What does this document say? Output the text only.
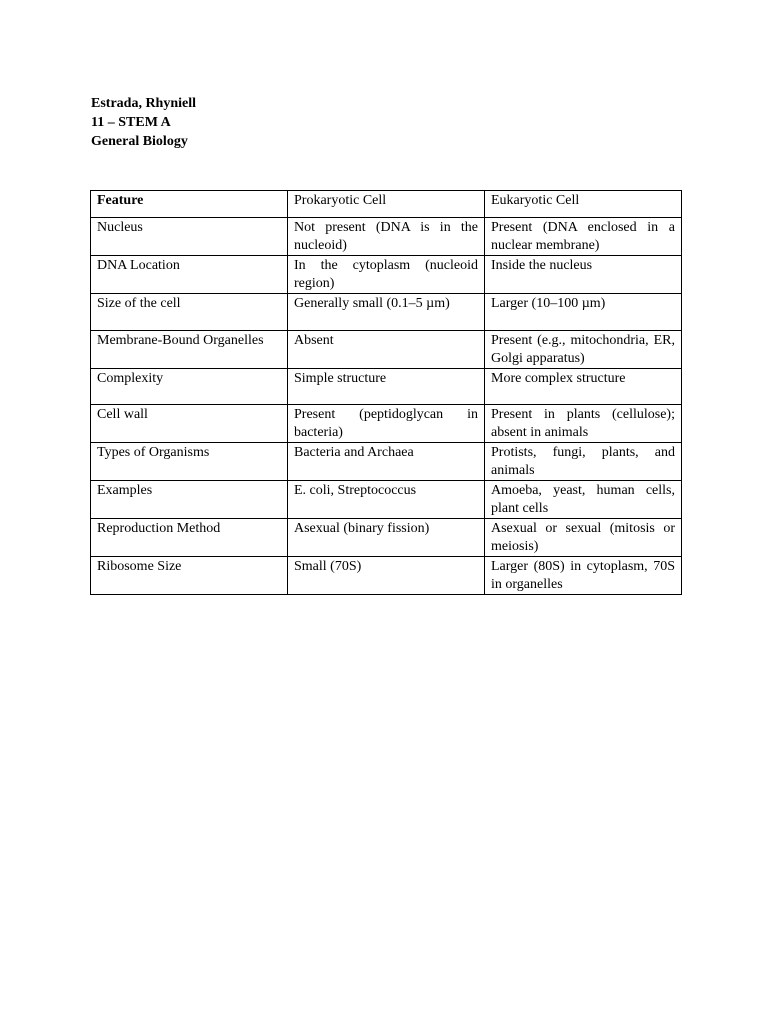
Estrada, Rhyniell
11 – STEM A
General Biology
Feature	Prokaryotic Cell	Eukaryotic Cell
Nucleus	Not present (DNA is in the nucleoid)	Present (DNA enclosed in a nuclear membrane)
DNA Location	In the cytoplasm (nucleoid region)	Inside the nucleus
Size of the cell	Generally small (0.1–5 µm)	Larger (10–100 µm)
Membrane-Bound Organelles	Absent	Present (e.g., mitochondria, ER, Golgi apparatus)
Complexity	Simple structure	More complex structure
Cell wall	Present (peptidoglycan in bacteria)	Present in plants (cellulose); absent in animals
Types of Organisms	Bacteria and Archaea	Protists, fungi, plants, and animals
Examples	E. coli, Streptococcus	Amoeba, yeast, human cells, plant cells
Reproduction Method	Asexual (binary fission)	Asexual or sexual (mitosis or meiosis)
Ribosome Size	Small (70S)	Larger (80S) in cytoplasm, 70S in organelles
